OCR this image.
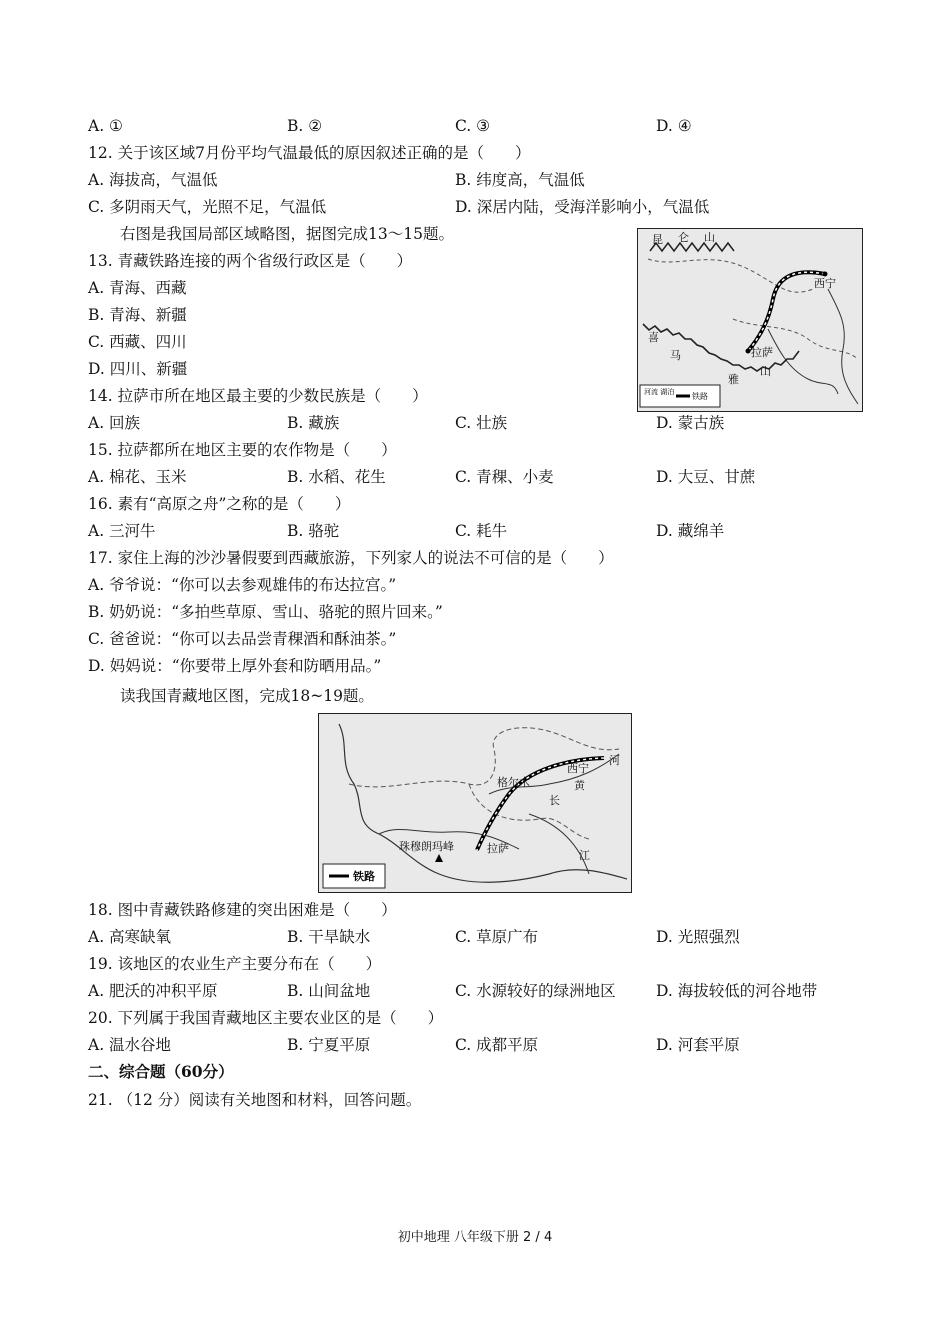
A. ①	B. ②	C. ③	D. ④
12. 关于该区域7月份平均气温最低的原因叙述正确的是（　　）
A. 海拔高，气温低	B. 纬度高，气温低
C. 多阴雨天气，光照不足，气温低	D. 深居内陆，受海洋影响小，气温低
右图是我国局部区域略图，据图完成13～15题。
13. 青藏铁路连接的两个省级行政区是（　　）
A. 青海、西藏
B. 青海、新疆
C. 西藏、四川
D. 四川、新疆
昆 仑 山
西宁
拉萨
喜
马
雅
山
河流 湖泊 铁路
14. 拉萨市所在地区最主要的少数民族是（　　）
A. 回族	B. 藏族	C. 壮族	D. 蒙古族
15. 拉萨都所在地区主要的农作物是（　　）
A. 棉花、玉米	B. 水稻、花生	C. 青稞、小麦	D. 大豆、甘蔗
16. 素有“高原之舟”之称的是（　　）
A. 三河牛	B. 骆驼	C. 耗牛	D. 藏绵羊
17. 家住上海的沙沙暑假要到西藏旅游，下列家人的说法不可信的是（　　）
A. 爷爷说：“你可以去参观雄伟的布达拉宫。”
B. 奶奶说：“多拍些草原、雪山、骆驼的照片回来。”
C. 爸爸说：“你可以去品尝青稞酒和酥油茶。”
D. 妈妈说：“你要带上厚外套和防晒用品。”
读我国青藏地区图，完成18~19题。
格尔木
西宁
河
黄
长
珠穆朗玛峰	拉萨
江
铁路
18. 图中青藏铁路修建的突出困难是（　　）
A. 高寒缺氧	B. 干旱缺水	C. 草原广布	D. 光照强烈
19. 该地区的农业生产主要分布在（　　）
A. 肥沃的冲积平原	B. 山间盆地	C. 水源较好的绿洲地区	D. 海拔较低的河谷地带
20. 下列属于我国青藏地区主要农业区的是（　　）
A. 温水谷地	B. 宁夏平原	C. 成都平原	D. 河套平原
二、综合题（60分）
21. （12 分）阅读有关地图和材料，回答问题。
初中地理 八年级下册 2 / 4
